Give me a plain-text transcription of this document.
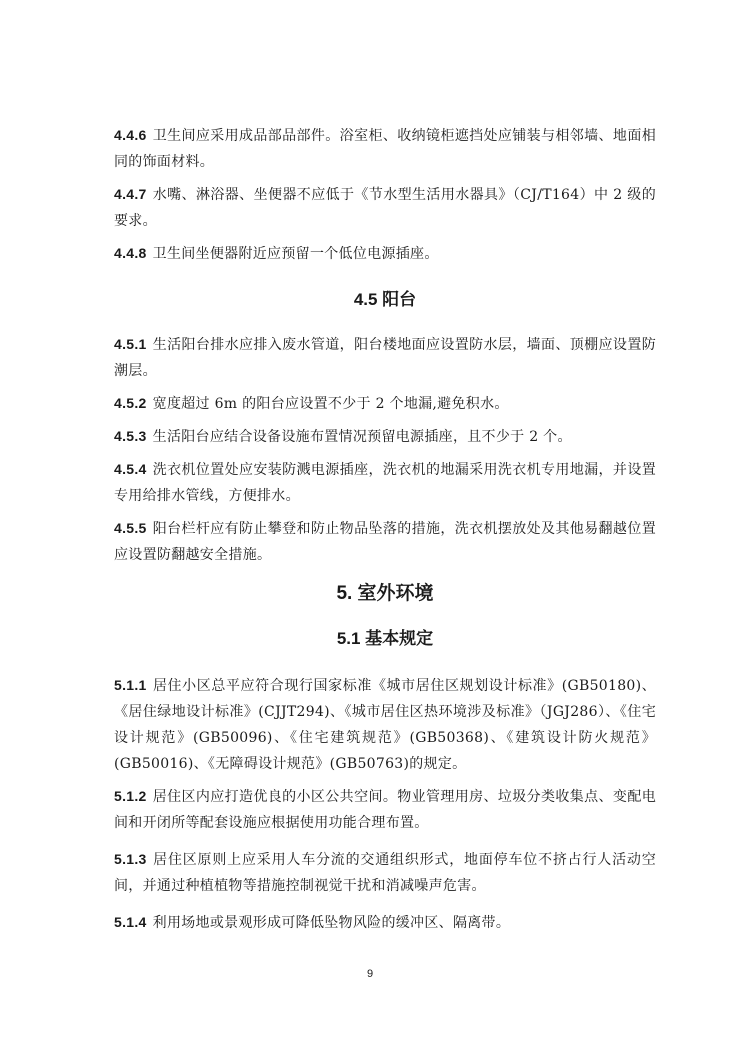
4.4.6 卫生间应采用成品部品部件。浴室柜、收纳镜柜遮挡处应铺装与相邻墙、地面相同的饰面材料。

4.4.7 水嘴、淋浴器、坐便器不应低于《节水型生活用水器具》（CJ/T164）中 2 级的要求。

4.4.8 卫生间坐便器附近应预留一个低位电源插座。

4.5 阳台

4.5.1 生活阳台排水应排入废水管道，阳台楼地面应设置防水层，墙面、顶棚应设置防潮层。

4.5.2 宽度超过 6m 的阳台应设置不少于 2 个地漏,避免积水。

4.5.3 生活阳台应结合设备设施布置情况预留电源插座，且不少于 2 个。

4.5.4 洗衣机位置处应安装防溅电源插座，洗衣机的地漏采用洗衣机专用地漏，并设置专用给排水管线，方便排水。

4.5.5 阳台栏杆应有防止攀登和防止物品坠落的措施，洗衣机摆放处及其他易翻越位置应设置防翻越安全措施。

5. 室外环境
5.1 基本规定

5.1.1 居住小区总平应符合现行国家标准《城市居住区规划设计标准》(GB50180)、《居住绿地设计标准》(CJJT294)、《城市居住区热环境涉及标准》（JGJ286）、《住宅设计规范》(GB50096)、《住宅建筑规范》(GB50368)、《建筑设计防火规范》(GB50016)、《无障碍设计规范》(GB50763)的规定。

5.1.2 居住区内应打造优良的小区公共空间。物业管理用房、垃圾分类收集点、变配电间和开闭所等配套设施应根据使用功能合理布置。

5.1.3 居住区原则上应采用人车分流的交通组织形式，地面停车位不挤占行人活动空间，并通过种植植物等措施控制视觉干扰和消减噪声危害。

5.1.4 利用场地或景观形成可降低坠物风险的缓冲区、隔离带。

9
